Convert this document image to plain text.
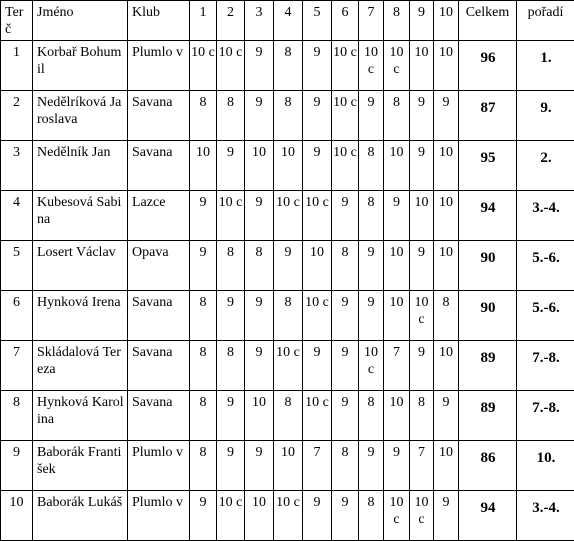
Ter č	Jméno	Klub	1	2	3	4	5	6	7	8	9	10	Celkem	pořadí
1	Korbař Bohumil	Plumlo v	10 c	10 c	9	8	9	10 c	10 c	10 c	10	10	96	1.
2	Nedělríková Jaroslava	Savana	8	8	9	8	9	10 c	9	8	9	9	87	9.
3	Nedělník Jan	Savana	10	9	10	10	9	10 c	8	10	9	10	95	2.
4	Kubesová Sabina	Lazce	9	10 c	9	10 c	10 c	9	8	9	10	10	94	3.-4.
5	Losert Václav	Opava	9	8	8	9	10	8	9	10	9	10	90	5.-6.
6	Hynková Irena	Savana	8	9	9	8	10 c	9	9	10	10 c	8	90	5.-6.
7	Skládalová Tereza	Savana	8	8	9	10 c	9	9	10 c	7	9	10	89	7.-8.
8	Hynková Karolina	Savana	8	9	10	8	10 c	9	8	10	8	9	89	7.-8.
9	Baborák František	Plumlo v	8	9	9	10	7	8	9	9	7	10	86	10.
10	Baborák Lukáš	Plumlo v	9	10 c	10	10 c	9	9	8	10 c	10 c	9	94	3.-4.
